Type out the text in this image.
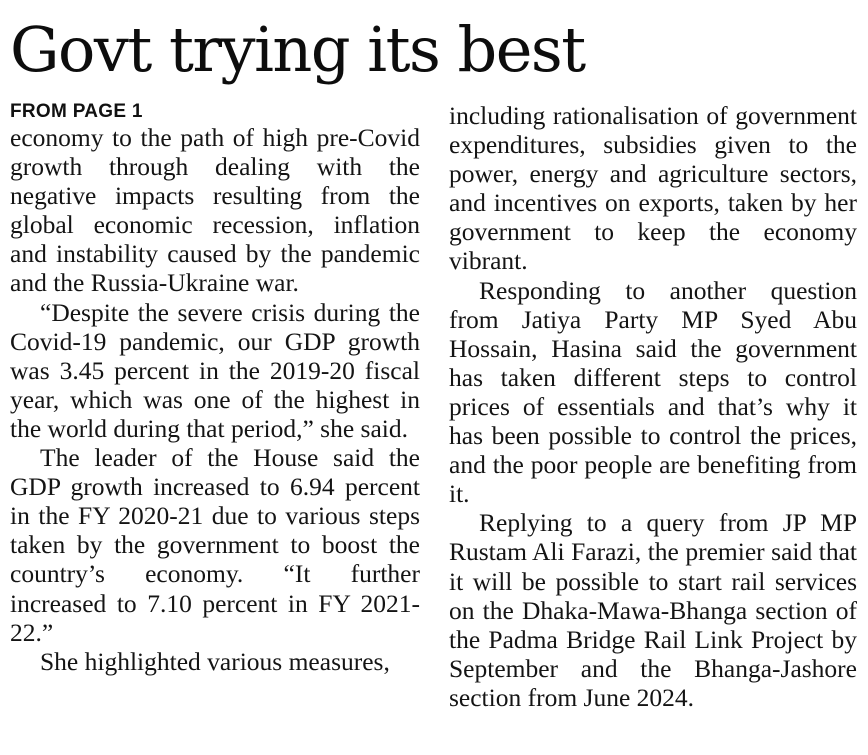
Govt trying its best
FROM PAGE 1

economy to the path of high pre-Covid growth through dealing with the negative impacts resulting from the global economic recession, inflation and instability caused by the pandemic and the Russia-Ukraine war.

“Despite the severe crisis during the Covid-19 pandemic, our GDP growth was 3.45 percent in the 2019-20 fiscal year, which was one of the highest in the world during that period,” she said.

The leader of the House said the GDP growth increased to 6.94 percent in the FY 2020-21 due to various steps taken by the government to boost the country’s economy. “It further increased to 7.10 percent in FY 2021-22.”

She highlighted various measures,

including rationalisation of government expenditures, subsidies given to the power, energy and agriculture sectors, and incentives on exports, taken by her government to keep the economy vibrant.

Responding to another question from Jatiya Party MP Syed Abu Hossain, Hasina said the government has taken different steps to control prices of essentials and that’s why it has been possible to control the prices, and the poor people are benefiting from it.

Replying to a query from JP MP Rustam Ali Farazi, the premier said that it will be possible to start rail services on the Dhaka-Mawa-Bhanga section of the Padma Bridge Rail Link Project by September and the Bhanga-Jashore section from June 2024.
